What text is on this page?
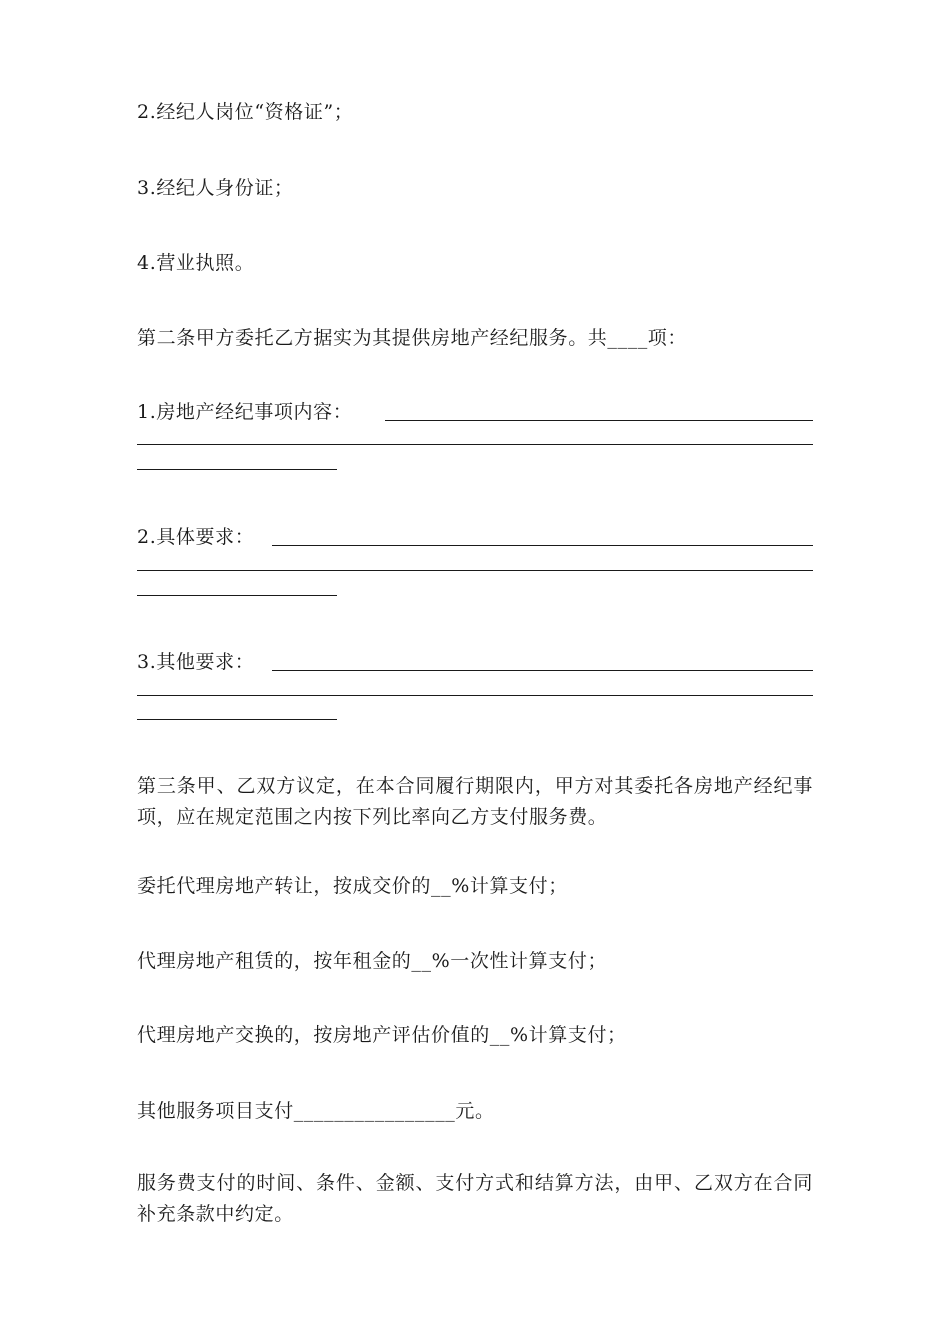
2.经纪人岗位“资格证”；
3.经纪人身份证；
4.营业执照。
第二条甲方委托乙方据实为其提供房地产经纪服务。共____项：
1.房地产经纪事项内容：
2.具体要求：
3.其他要求：
第三条甲、乙双方议定，在本合同履行期限内，甲方对其委托各房地产经纪事项，应在规定范围之内按下列比率向乙方支付服务费。
委托代理房地产转让，按成交价的__%计算支付；
代理房地产租赁的，按年租金的__%一次性计算支付；
代理房地产交换的，按房地产评估价值的__%计算支付；
其他服务项目支付________________元。
服务费支付的时间、条件、金额、支付方式和结算方法，由甲、乙双方在合同补充条款中约定。
